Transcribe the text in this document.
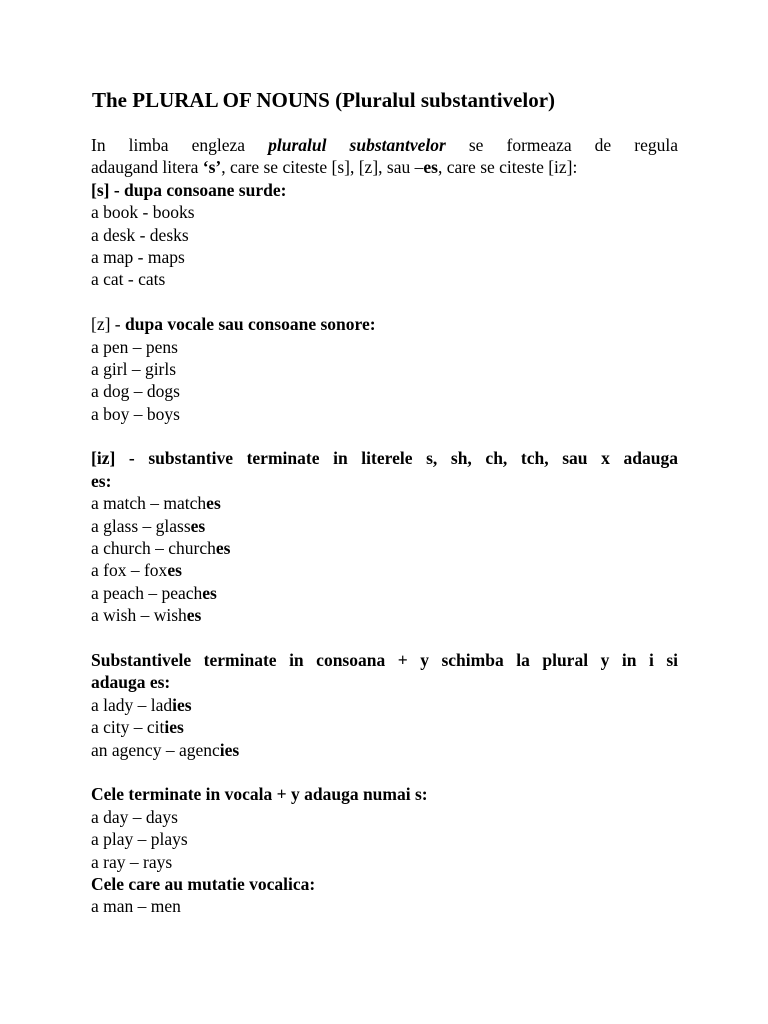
The PLURAL OF NOUNS (Pluralul substantivelor)
In limba engleza pluralul substantvelor se formeaza de regula
adaugand litera ‘s’, care se citeste [s], [z], sau –es, care se citeste [iz]:
[s] - dupa consoane surde:
a book - books
a desk - desks
a map - maps
a cat - cats
[z] - dupa vocale sau consoane sonore:
a pen – pens
a girl – girls
a dog – dogs
a boy – boys
[iz] - substantive terminate in literele s, sh, ch, tch, sau x adauga
es:
a match – matches
a glass – glasses
a church – churches
a fox – foxes
a peach – peaches
a wish – wishes
Substantivele terminate in consoana + y schimba la plural y in i si
adauga es:
a lady – ladies
a city – cities
an agency – agencies
Cele terminate in vocala + y adauga numai s:
a day – days
a play – plays
a ray – rays
Cele care au mutatie vocalica:
a man – men
